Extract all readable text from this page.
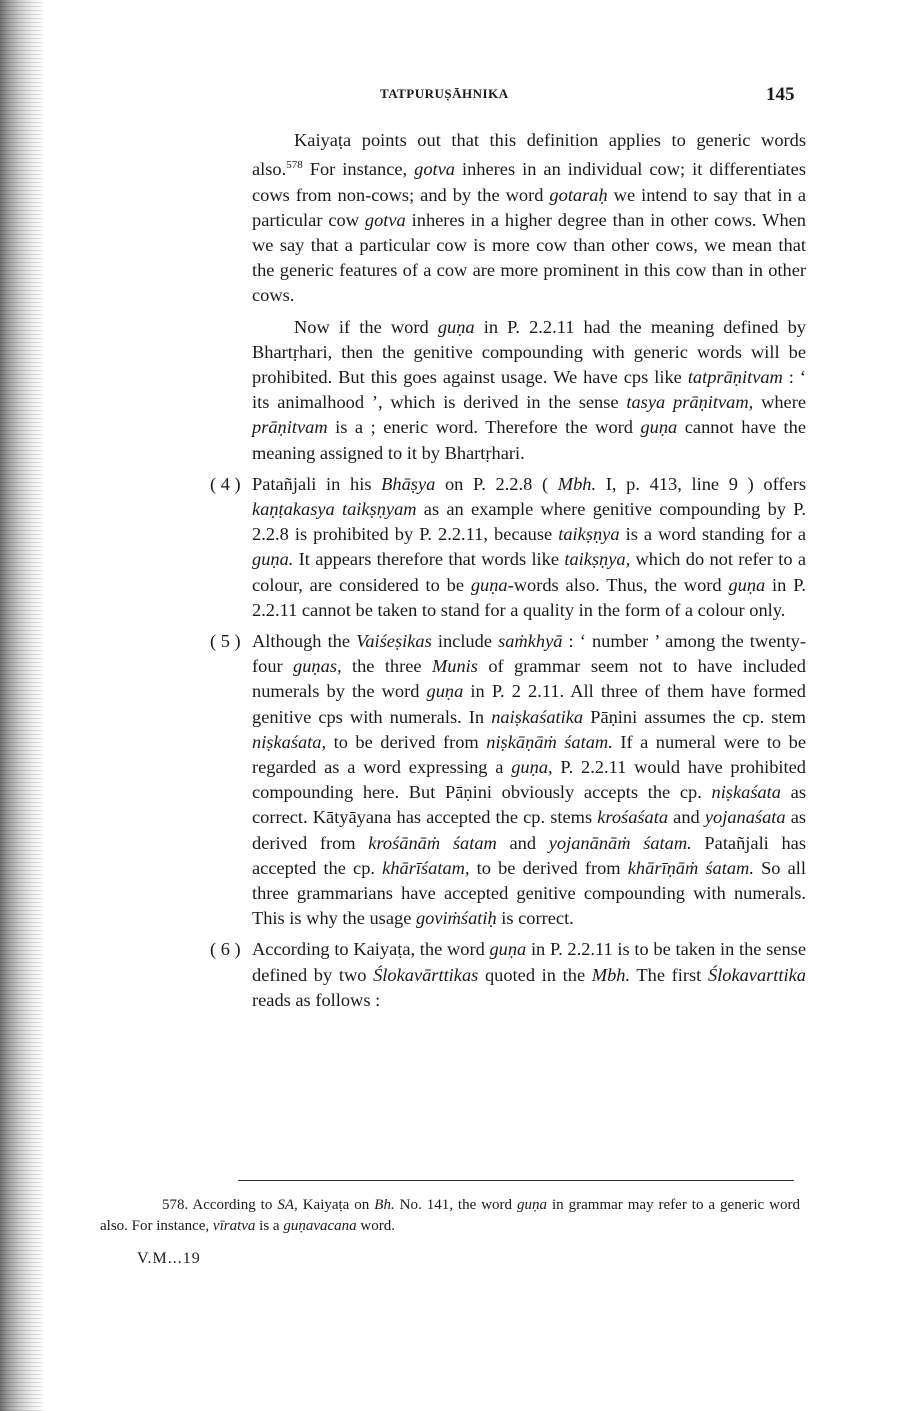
TATPURUṢĀHNIKA	145

Kaiyaṭa points out that this definition applies to generic words also.$^{578}$ For instance, gotva inheres in an individual cow; it differentiates cows from non-cows; and by the word gotaraḥ we intend to say that in a particular cow gotva inheres in a higher degree than in other cows. When we say that a particular cow is more cow than other cows, we mean that the generic features of a cow are more prominent in this cow than in other cows.

Now if the word guṇa in P. 2.2.11 had the meaning defined by Bhartṛhari, then the genitive compounding with generic words will be prohibited. But this goes against usage. We have cps like tatprāṇitvam : ‘ its animalhood ’, which is derived in the sense tasya prāṇitvam, where prāṇitvam is a ; eneric word. Therefore the word guṇa cannot have the meaning assigned to it by Bhartṛhari.

( 4 ) Patañjali in his Bhāṣya on P. 2.2.8 ( Mbh. I, p. 413, line 9 ) offers kaṇṭakasya taikṣṇyam as an example where genitive compounding by P. 2.2.8 is prohibited by P. 2.2.11, because taikṣṇya is a word standing for a guṇa. It appears therefore that words like taikṣṇya, which do not refer to a colour, are considered to be guṇa-words also. Thus, the word guṇa in P. 2.2.11 cannot be taken to stand for a quality in the form of a colour only.
( 5 ) Although the Vaiśeṣikas include saṁkhyā : ‘ number ’ among the twenty-four guṇas, the three Munis of grammar seem not to have included numerals by the word guṇa in P. 2 2.11. All three of them have formed genitive cps with numerals. In naiṣkaśatika Pāṇini assumes the cp. stem niṣkaśata, to be derived from niṣkāṇāṁ śatam. If a numeral were to be regarded as a word expressing a guṇa, P. 2.2.11 would have prohibited compounding here. But Pāṇini obviously accepts the cp. niṣkaśata as correct. Kātyāyana has accepted the cp. stems krośaśata and yojanaśata as derived from krośānāṁ śatam and yojanānāṁ śatam. Patañjali has accepted the cp. khārīśatam, to be derived from khārīṇāṁ śatam. So all three grammarians have accepted genitive compounding with numerals. This is why the usage goviṁśatiḥ is correct.
( 6 ) According to Kaiyaṭa, the word guṇa in P. 2.2.11 is to be taken in the sense defined by two Ślokavārttikas quoted in the Mbh. The first Ślokavarttika reads as follows :
578. According to SA, Kaiyaṭa on Bh. No. 141, the word guṇa in grammar may refer to a generic word also. For instance, vīratva is a guṇavacana word.
V.M...19
